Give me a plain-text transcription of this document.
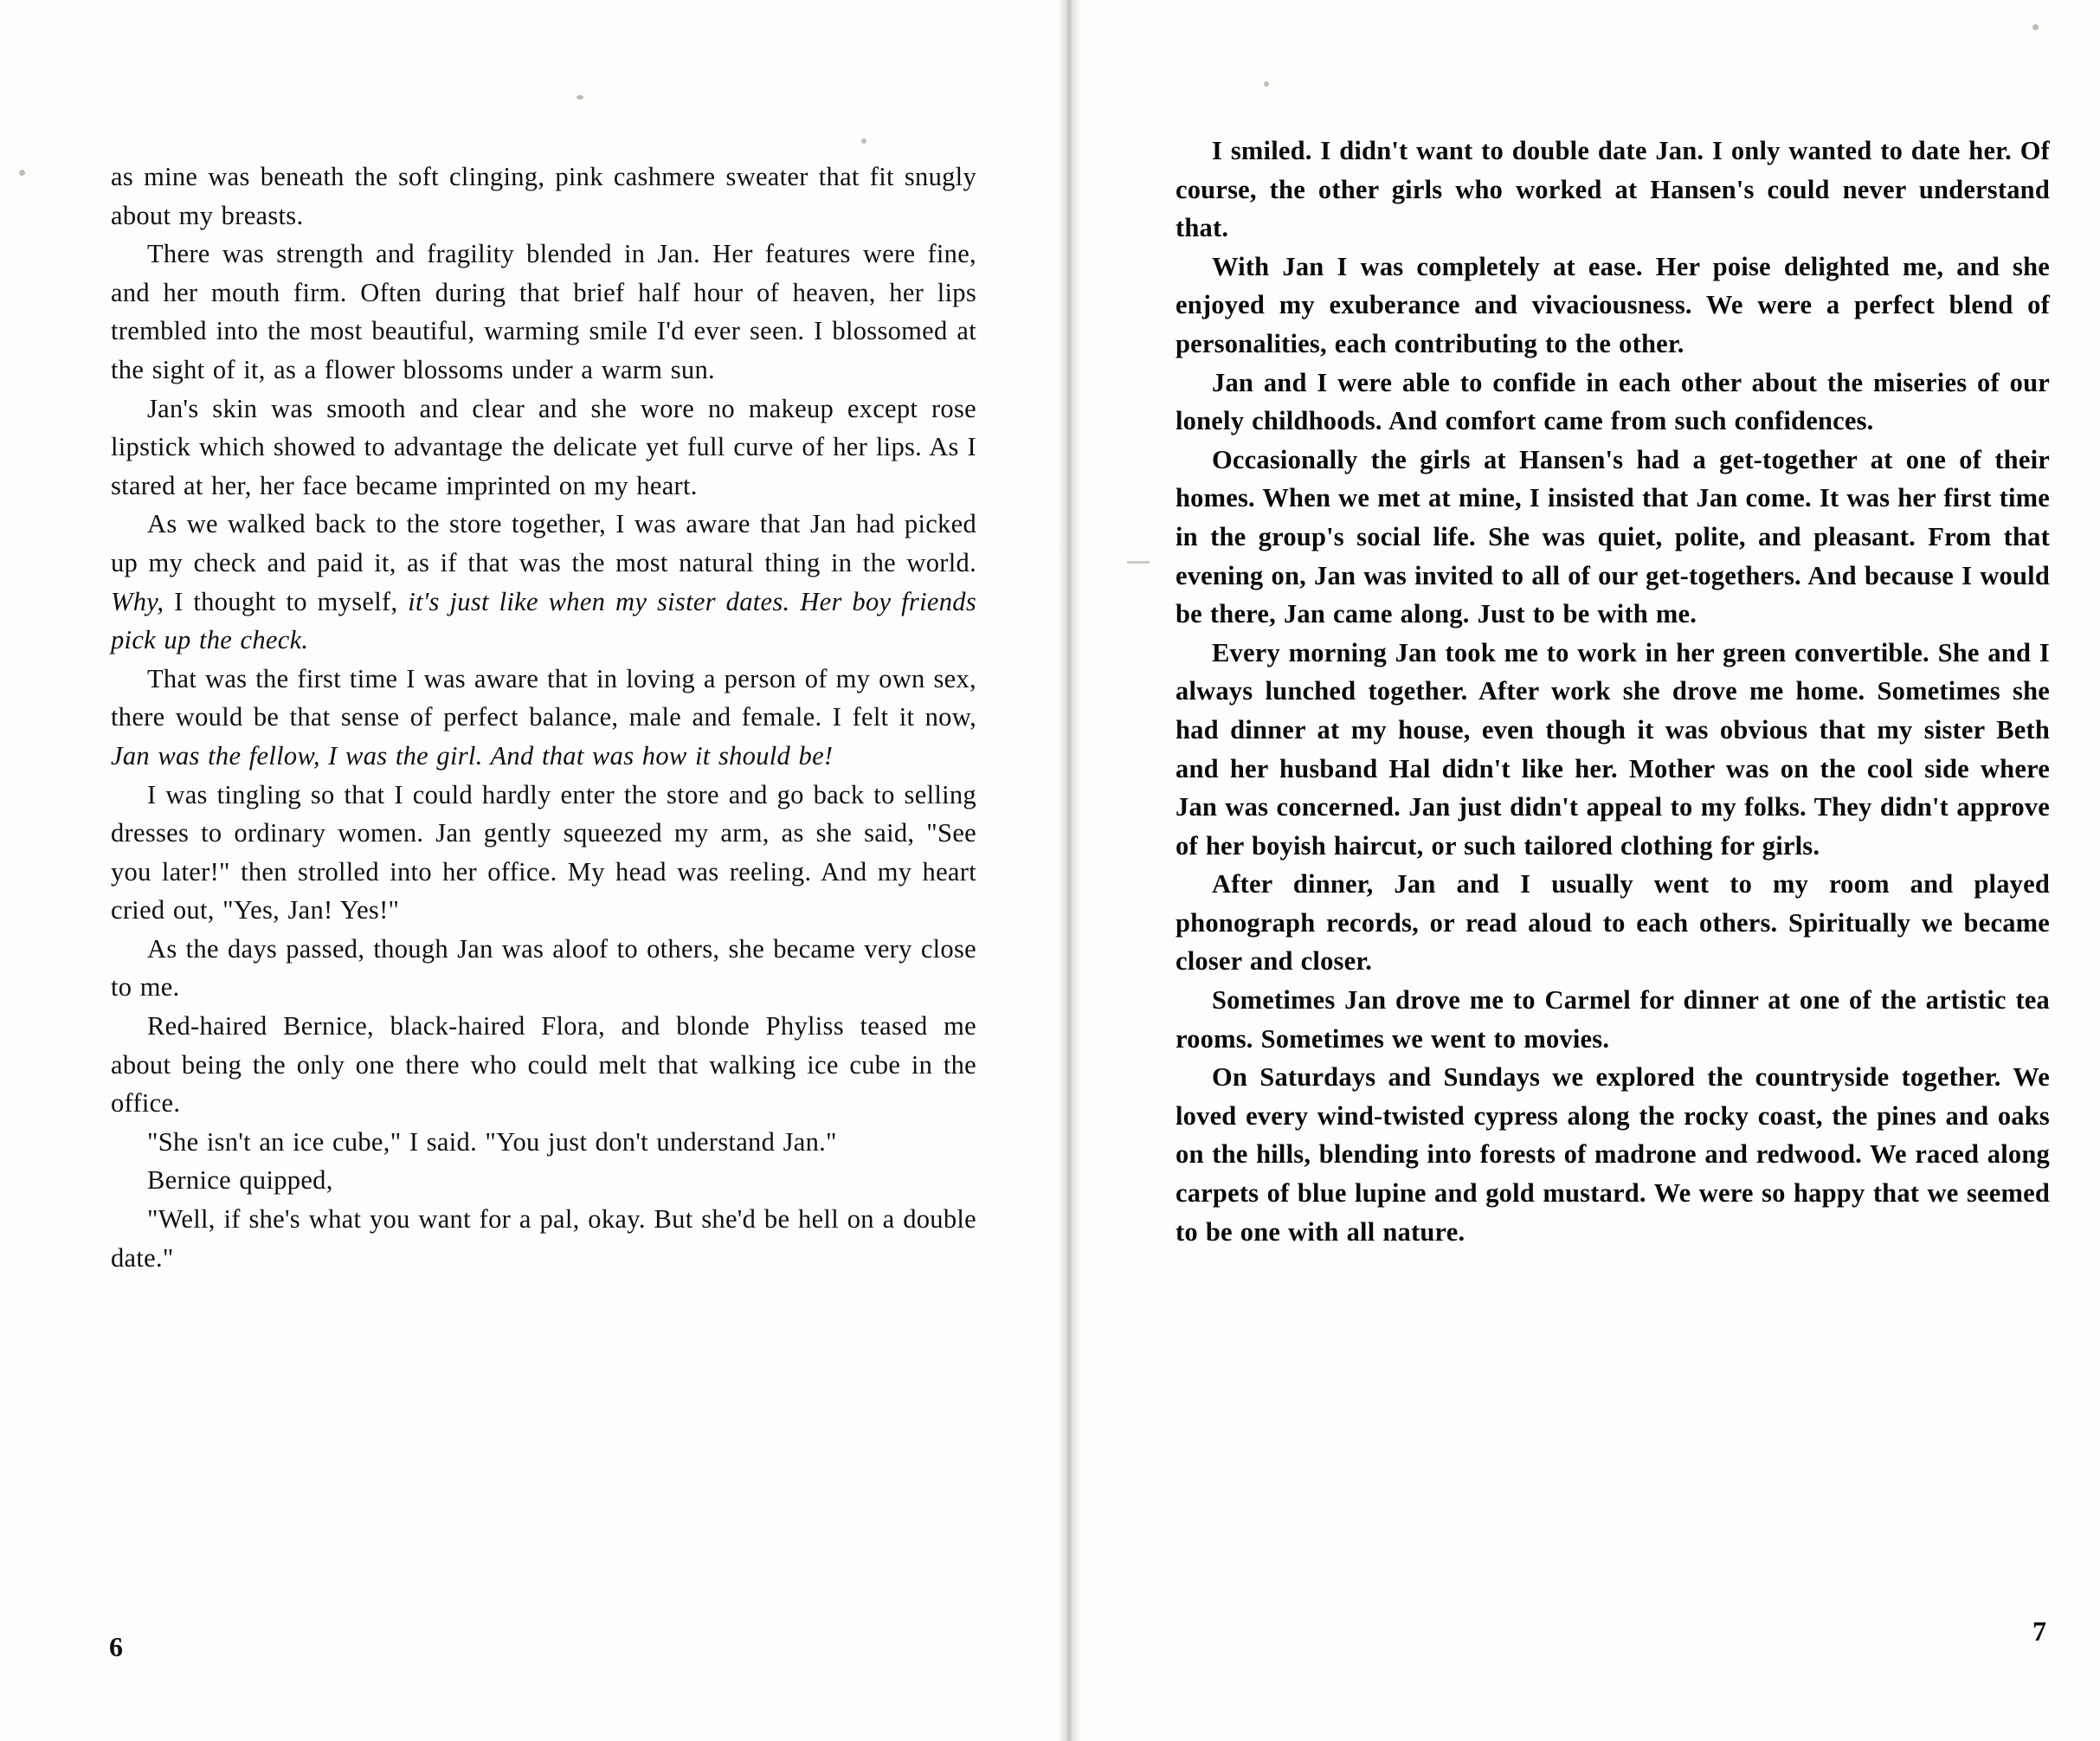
as mine was beneath the soft clinging, pink cashmere sweater that fit snugly about my breasts.

There was strength and fragility blended in Jan. Her features were fine, and her mouth firm. Often during that brief half hour of heaven, her lips trembled into the most beautiful, warming smile I'd ever seen. I blossomed at the sight of it, as a flower blossoms under a warm sun.

Jan's skin was smooth and clear and she wore no makeup except rose lipstick which showed to advantage the delicate yet full curve of her lips. As I stared at her, her face became imprinted on my heart.

As we walked back to the store together, I was aware that Jan had picked up my check and paid it, as if that was the most natural thing in the world. Why, I thought to myself, it's just like when my sister dates. Her boy friends pick up the check.

That was the first time I was aware that in loving a person of my own sex, there would be that sense of perfect balance, male and female. I felt it now, Jan was the fellow, I was the girl. And that was how it should be!

I was tingling so that I could hardly enter the store and go back to selling dresses to ordinary women. Jan gently squeezed my arm, as she said, "See you later!" then strolled into her office. My head was reeling. And my heart cried out, "Yes, Jan! Yes!"

As the days passed, though Jan was aloof to others, she became very close to me.

Red-haired Bernice, black-haired Flora, and blonde Phyliss teased me about being the only one there who could melt that walking ice cube in the office.

"She isn't an ice cube," I said. "You just don't understand Jan."

Bernice quipped,

"Well, if she's what you want for a pal, okay. But she'd be hell on a double date."

6

I smiled. I didn't want to double date Jan. I only wanted to date her. Of course, the other girls who worked at Hansen's could never understand that.

With Jan I was completely at ease. Her poise delighted me, and she enjoyed my exuberance and vivaciousness. We were a perfect blend of personalities, each contributing to the other.

Jan and I were able to confide in each other about the miseries of our lonely childhoods. And comfort came from such confidences.

Occasionally the girls at Hansen's had a get-together at one of their homes. When we met at mine, I insisted that Jan come. It was her first time in the group's social life. She was quiet, polite, and pleasant. From that evening on, Jan was invited to all of our get-togethers. And because I would be there, Jan came along. Just to be with me.

Every morning Jan took me to work in her green convertible. She and I always lunched together. After work she drove me home. Sometimes she had dinner at my house, even though it was obvious that my sister Beth and her husband Hal didn't like her. Mother was on the cool side where Jan was concerned. Jan just didn't appeal to my folks. They didn't approve of her boyish haircut, or such tailored clothing for girls.

After dinner, Jan and I usually went to my room and played phonograph records, or read aloud to each others. Spiritually we became closer and closer.

Sometimes Jan drove me to Carmel for dinner at one of the artistic tea rooms. Sometimes we went to movies.

On Saturdays and Sundays we explored the countryside together. We loved every wind-twisted cypress along the rocky coast, the pines and oaks on the hills, blending into forests of madrone and redwood. We raced along carpets of blue lupine and gold mustard. We were so happy that we seemed to be one with all nature.

7
